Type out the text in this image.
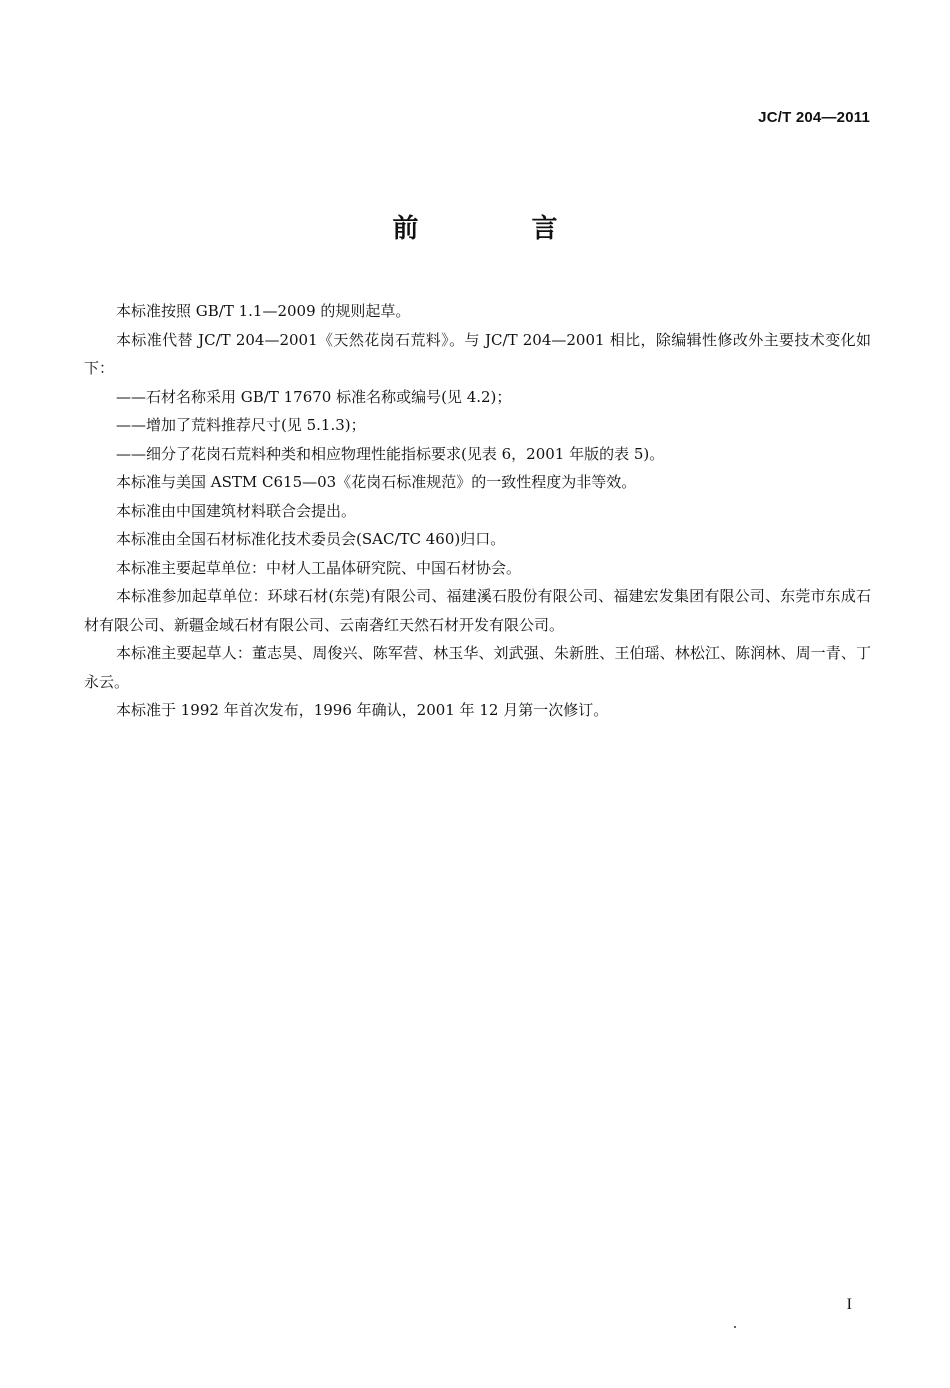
JC/T 204—2011
前 言

本标准按照 GB/T 1.1—2009 的规则起草。

本标准代替 JC/T 204—2001《天然花岗石荒料》。与 JC/T 204—2001 相比，除编辑性修改外主要技术变化如下：

——石材名称采用 GB/T 17670 标准名称或编号(见 4.2)；

——增加了荒料推荐尺寸(见 5.1.3)；

——细分了花岗石荒料种类和相应物理性能指标要求(见表 6，2001 年版的表 5)。

本标准与美国 ASTM C615—03《花岗石标准规范》的一致性程度为非等效。

本标准由中国建筑材料联合会提出。

本标准由全国石材标准化技术委员会(SAC/TC 460)归口。

本标准主要起草单位：中材人工晶体研究院、中国石材协会。

本标准参加起草单位：环球石材(东莞)有限公司、福建溪石股份有限公司、福建宏发集团有限公司、东莞市东成石材有限公司、新疆金域石材有限公司、云南砻红天然石材开发有限公司。

本标准主要起草人：董志昊、周俊兴、陈军营、林玉华、刘武强、朱新胜、王伯瑶、林松江、陈润林、周一青、丁永云。

本标准于 1992 年首次发布，1996 年确认，2001 年 12 月第一次修订。

I
